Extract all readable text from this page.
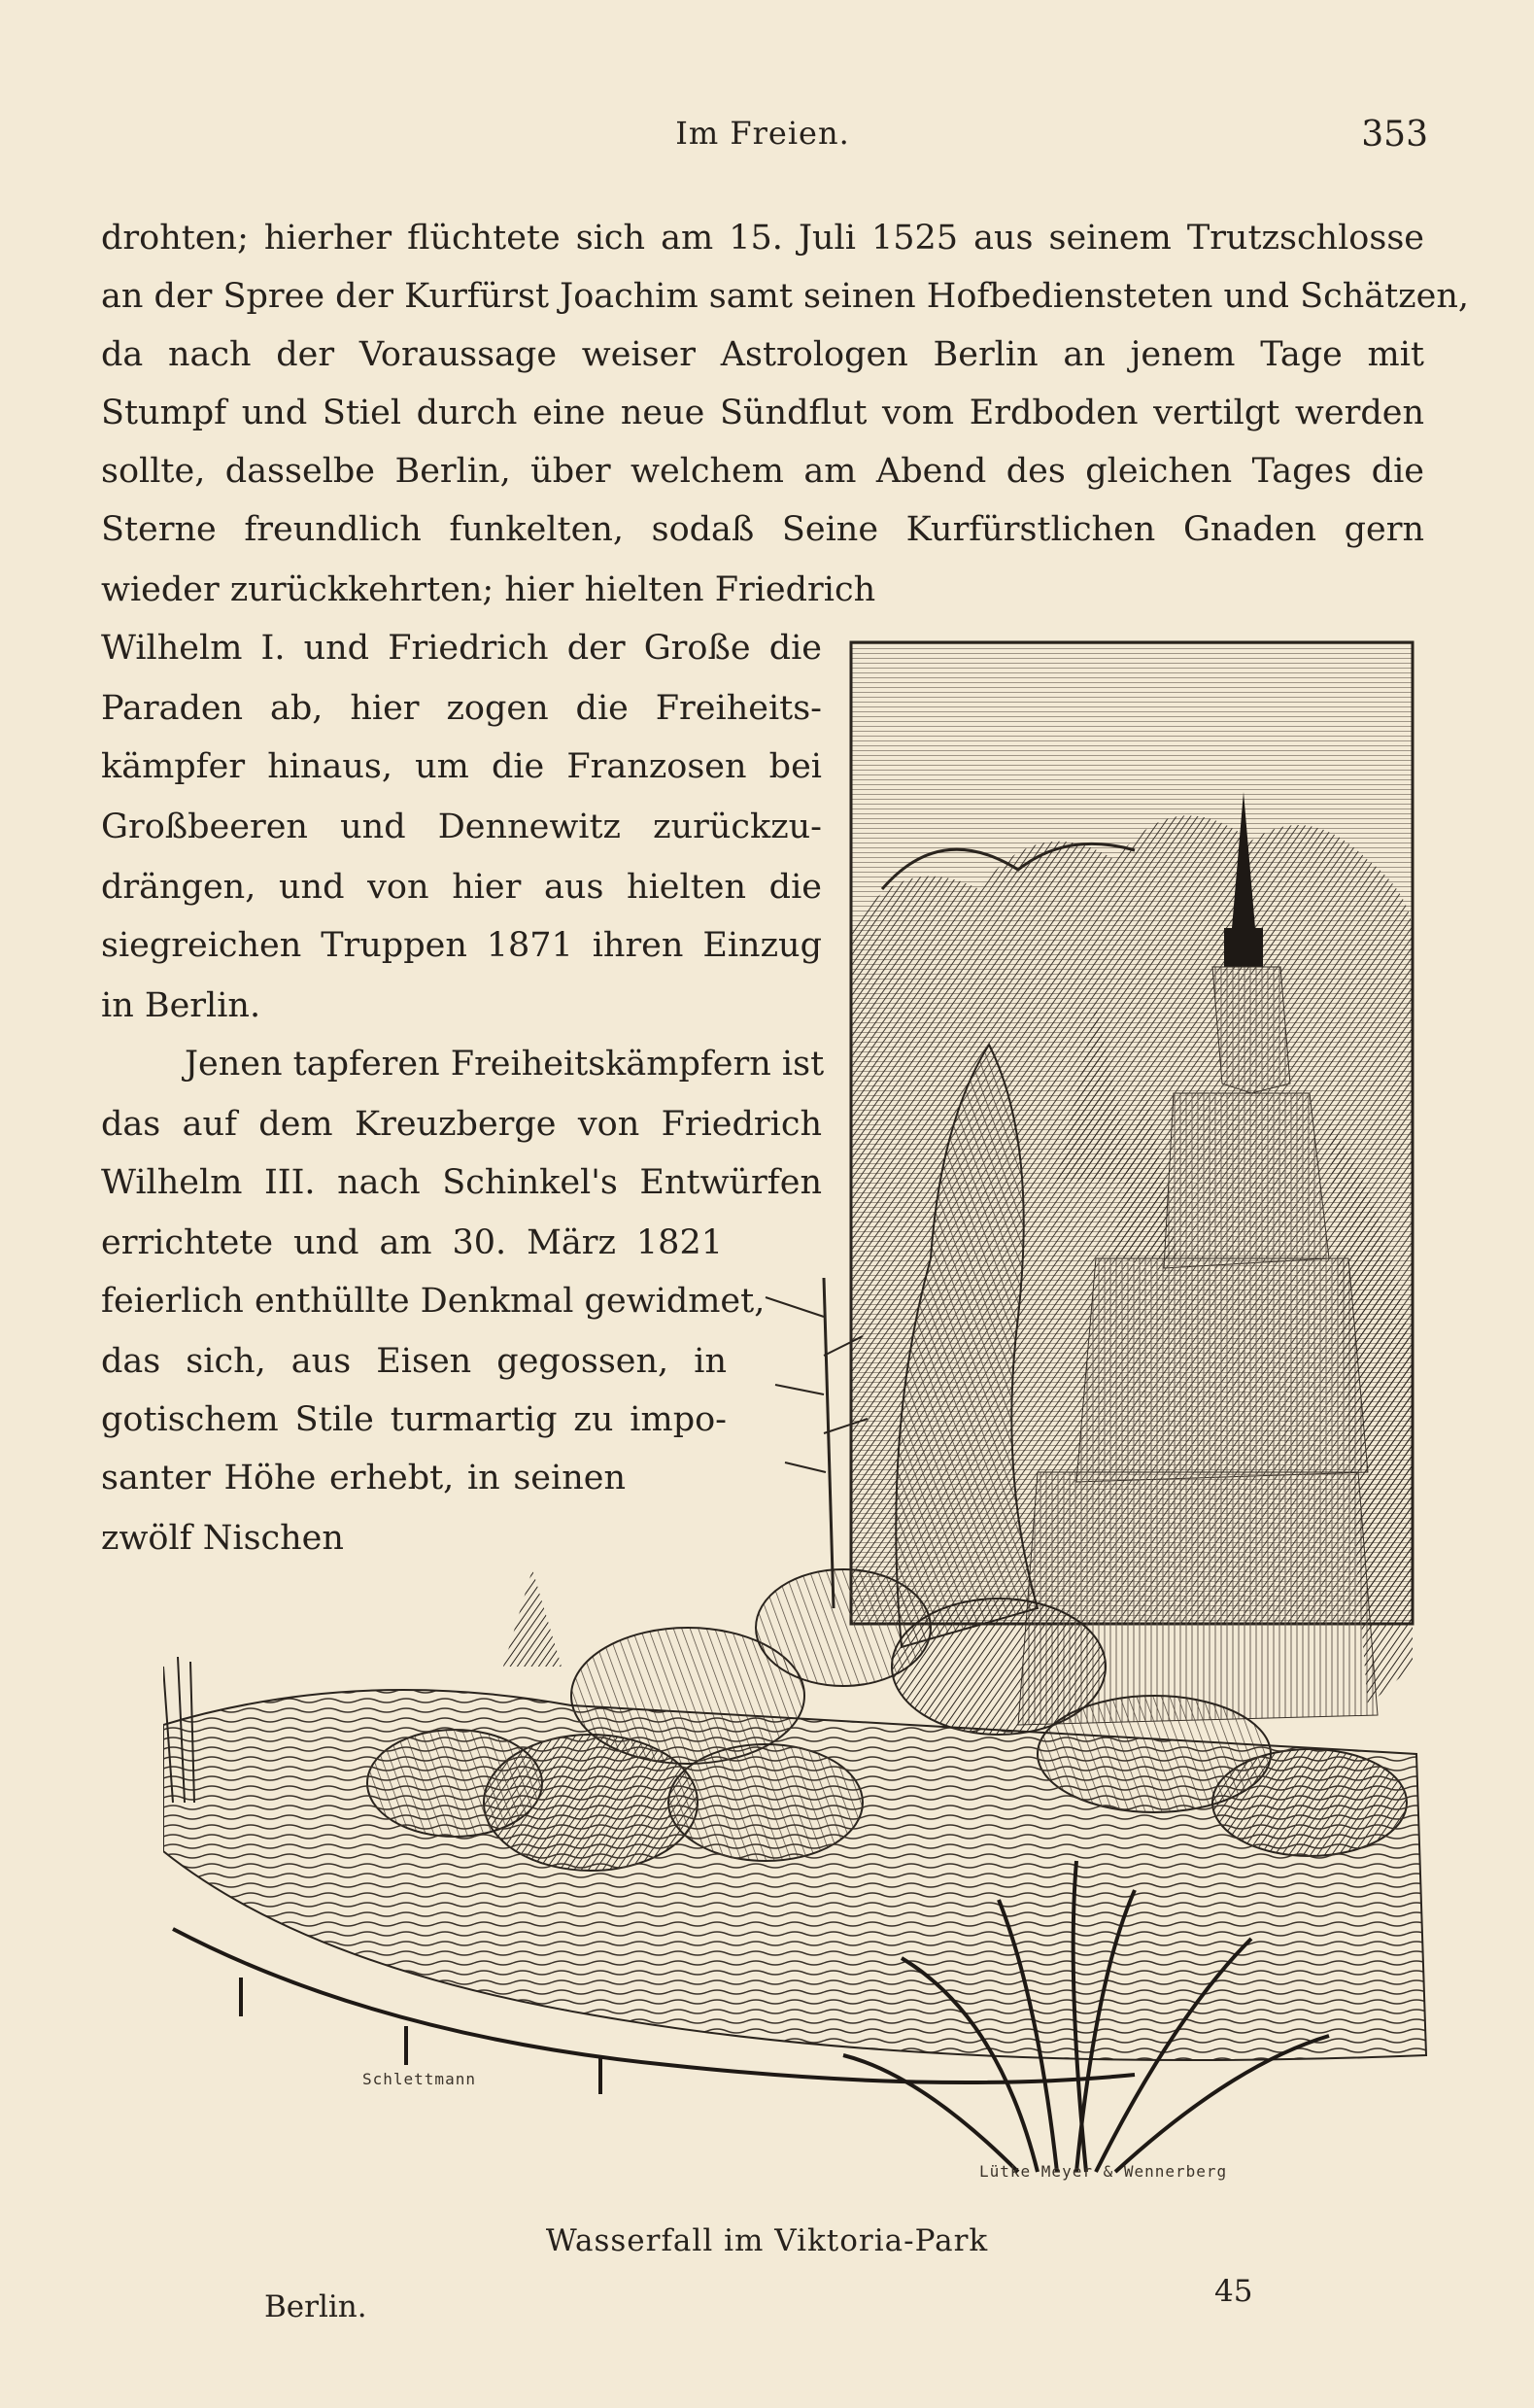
Im Freien.	353
drohten; hierher flüchtete sich am 15. Juli 1525 aus seinem Trutzschlosse
an der Spree der Kurfürst Joachim samt seinen Hofbediensteten und Schätzen,
da nach der Voraussage weiser Astrologen Berlin an jenem Tage mit
Stumpf und Stiel durch eine neue Sündflut vom Erdboden vertilgt werden
sollte, dasselbe Berlin, über welchem am Abend des gleichen Tages die
Sterne freundlich funkelten, sodaß Seine Kurfürstlichen Gnaden gern
wieder zurückkehrten; hier hielten Friedrich
Wilhelm I. und Friedrich der Große die
Paraden ab, hier zogen die Freiheits-
kämpfer hinaus, um die Franzosen bei
Großbeeren und Dennewitz zurückzu-
drängen, und von hier aus hielten die
siegreichen Truppen 1871 ihren Einzug
in Berlin.
Jenen tapferen Freiheitskämpfern ist
das auf dem Kreuzberge von Friedrich
Wilhelm III. nach Schinkel's Entwürfen
errichtete und am 30. März 1821
feierlich enthüllte Denkmal gewidmet,
das sich, aus Eisen gegossen, in
gotischem Stile turmartig zu impo-
santer Höhe erhebt, in seinen
zwölf Nischen
Schlettmann
Lütke Meyer & Wennerberg
Wasserfall im Viktoria-Park
Berlin.	45
